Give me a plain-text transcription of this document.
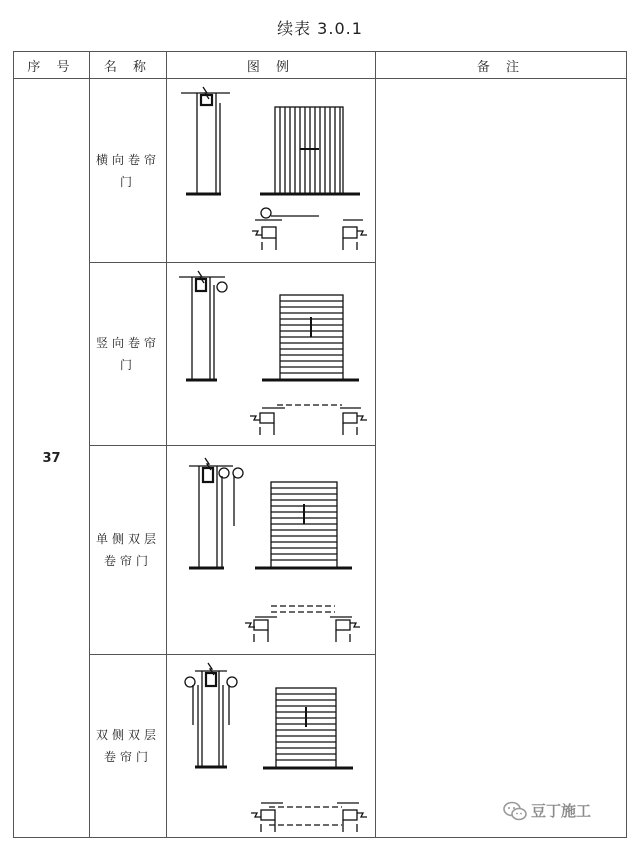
续表 3.0.1
序 号	名 称	图 例	备 注
37	横向卷帘门	

	竖向卷帘门	

	单侧双层卷帘门	

	双侧双层卷帘门	
豆丁施工
